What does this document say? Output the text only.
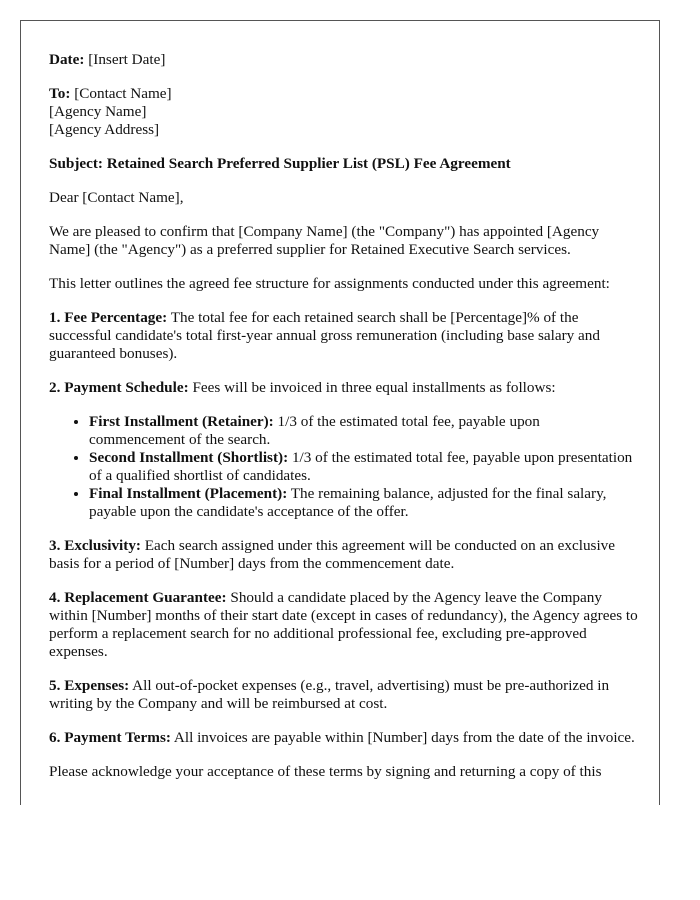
Date: [Insert Date]

To: [Contact Name]
[Agency Name]
[Agency Address]

Subject: Retained Search Preferred Supplier List (PSL) Fee Agreement

Dear [Contact Name],

We are pleased to confirm that [Company Name] (the "Company") has appointed [Agency Name] (the "Agency") as a preferred supplier for Retained Executive Search services.

This letter outlines the agreed fee structure for assignments conducted under this agreement:

1. Fee Percentage: The total fee for each retained search shall be [Percentage]% of the successful candidate's total first-year annual gross remuneration (including base salary and guaranteed bonuses).

2. Payment Schedule: Fees will be invoiced in three equal installments as follows:

• First Installment (Retainer): 1/3 of the estimated total fee, payable upon commencement of the search.
• Second Installment (Shortlist): 1/3 of the estimated total fee, payable upon presentation of a qualified shortlist of candidates.
• Final Installment (Placement): The remaining balance, adjusted for the final salary, payable upon the candidate's acceptance of the offer.

3. Exclusivity: Each search assigned under this agreement will be conducted on an exclusive basis for a period of [Number] days from the commencement date.

4. Replacement Guarantee: Should a candidate placed by the Agency leave the Company within [Number] months of their start date (except in cases of redundancy), the Agency agrees to perform a replacement search for no additional professional fee, excluding pre-approved expenses.

5. Expenses: All out-of-pocket expenses (e.g., travel, advertising) must be pre-authorized in writing by the Company and will be reimbursed at cost.

6. Payment Terms: All invoices are payable within [Number] days from the date of the invoice.

Please acknowledge your acceptance of these terms by signing and returning a copy of this
